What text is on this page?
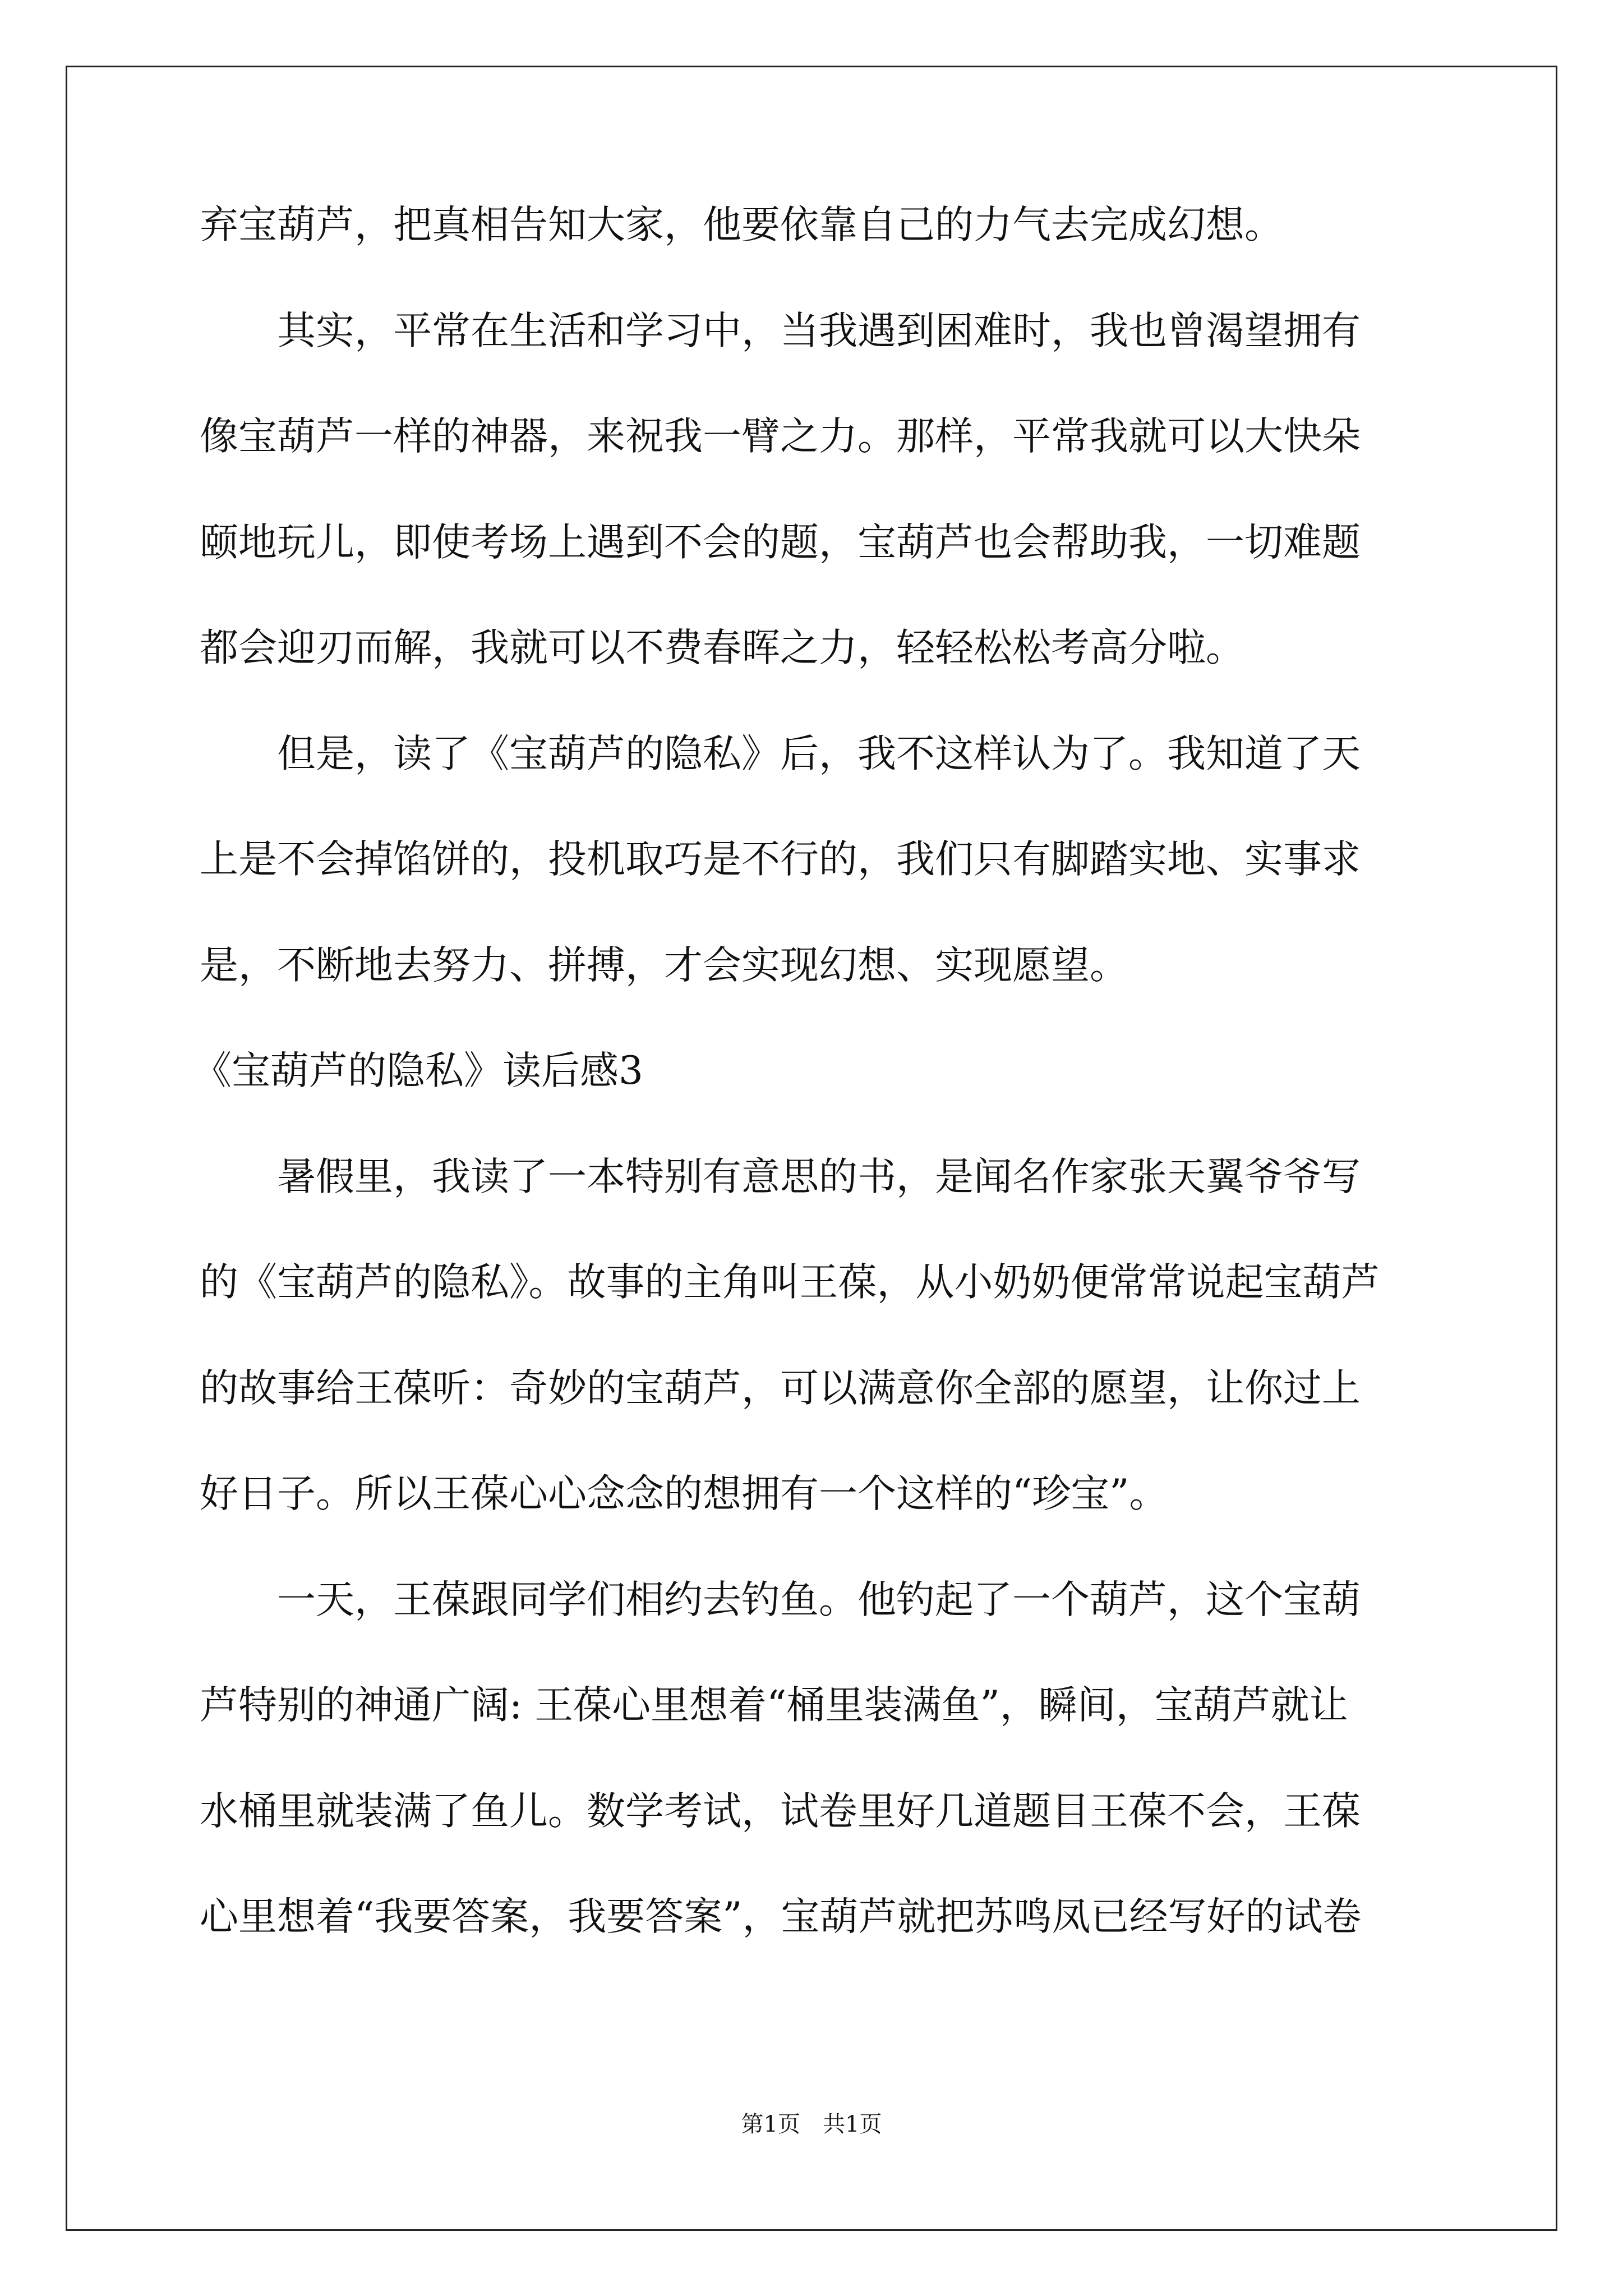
弃宝葫芦，把真相告知大家，他要依靠自己的力气去完成幻想。
　　其实，平常在生活和学习中，当我遇到困难时，我也曾渴望拥有
像宝葫芦一样的神器，来祝我一臂之力。那样，平常我就可以大快朵
颐地玩儿，即使考场上遇到不会的题，宝葫芦也会帮助我，一切难题
都会迎刃而解，我就可以不费春晖之力，轻轻松松考高分啦。
　　但是，读了《宝葫芦的隐私》后，我不这样认为了。我知道了天
上是不会掉馅饼的，投机取巧是不行的，我们只有脚踏实地、实事求
是，不断地去努力、拼搏，才会实现幻想、实现愿望。
《宝葫芦的隐私》读后感3
　　暑假里，我读了一本特别有意思的书，是闻名作家张天翼爷爷写
的《宝葫芦的隐私》。故事的主角叫王葆，从小奶奶便常常说起宝葫芦
的故事给王葆听：奇妙的宝葫芦，可以满意你全部的愿望，让你过上
好日子。所以王葆心心念念的想拥有一个这样的“珍宝”。
　　一天，王葆跟同学们相约去钓鱼。他钓起了一个葫芦，这个宝葫
芦特别的神通广阔: 王葆心里想着“桶里装满鱼”，瞬间，宝葫芦就让
水桶里就装满了鱼儿。数学考试，试卷里好几道题目王葆不会，王葆
心里想着“我要答案，我要答案”，宝葫芦就把苏鸣凤已经写好的试卷
第1页　共1页
